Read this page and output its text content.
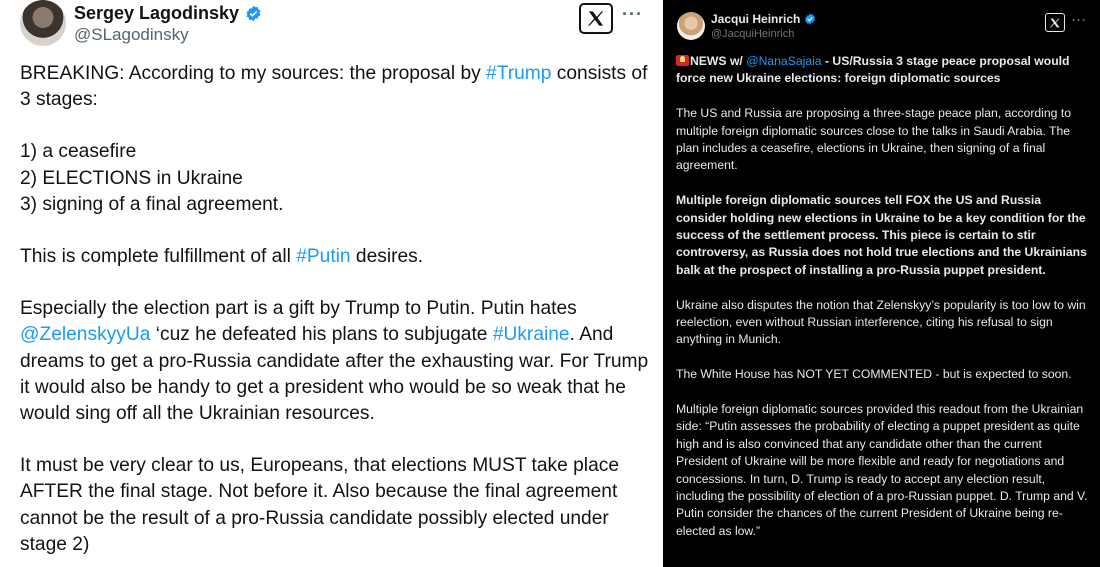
Sergey Lagodinsky
@SLagodinsky
···

BREAKING: According to my sources: the proposal by #Trump consists of 3 stages:

1) a ceasefire

2) ELECTIONS in Ukraine

3) signing of a final agreement.

This is complete fulfillment of all #Putin desires.

Especially the election part is a gift by Trump to Putin. Putin hates @ZelenskyyUa ‘cuz he defeated his plans to subjugate #Ukraine. And dreams to get a pro-Russia candidate after the exhausting war. For Trump it would also be handy to get a president who would be so weak that he would sing off all the Ukrainian resources.

It must be very clear to us, Europeans, that elections MUST take place AFTER the final stage. Not before it. Also because the final agreement cannot be the result of a pro-Russia candidate possibly elected under stage 2)

Jacqui Heinrich
@JacquiHeinrich
···

NEWS w/ @NanaSajaia - US/Russia 3 stage peace proposal would force new Ukraine elections: foreign diplomatic sources

The US and Russia are proposing a three-stage peace plan, according to multiple foreign diplomatic sources close to the talks in Saudi Arabia. The plan includes a ceasefire, elections in Ukraine, then signing of a final agreement.

Multiple foreign diplomatic sources tell FOX the US and Russia consider holding new elections in Ukraine to be a key condition for the success of the settlement process. This piece is certain to stir controversy, as Russia does not hold true elections and the Ukrainians balk at the prospect of installing a pro-Russia puppet president.

Ukraine also disputes the notion that Zelenskyy’s popularity is too low to win reelection, even without Russian interference, citing his refusal to sign anything in Munich.

The White House has NOT YET COMMENTED - but is expected to soon.

Multiple foreign diplomatic sources provided this readout from the Ukrainian side: “Putin assesses the probability of electing a puppet president as quite high and is also convinced that any candidate other than the current President of Ukraine will be more flexible and ready for negotiations and concessions. In turn, D. Trump is ready to accept any election result, including the possibility of election of a pro-Russian puppet. D. Trump and V. Putin consider the chances of the current President of Ukraine being re-elected as low.”
